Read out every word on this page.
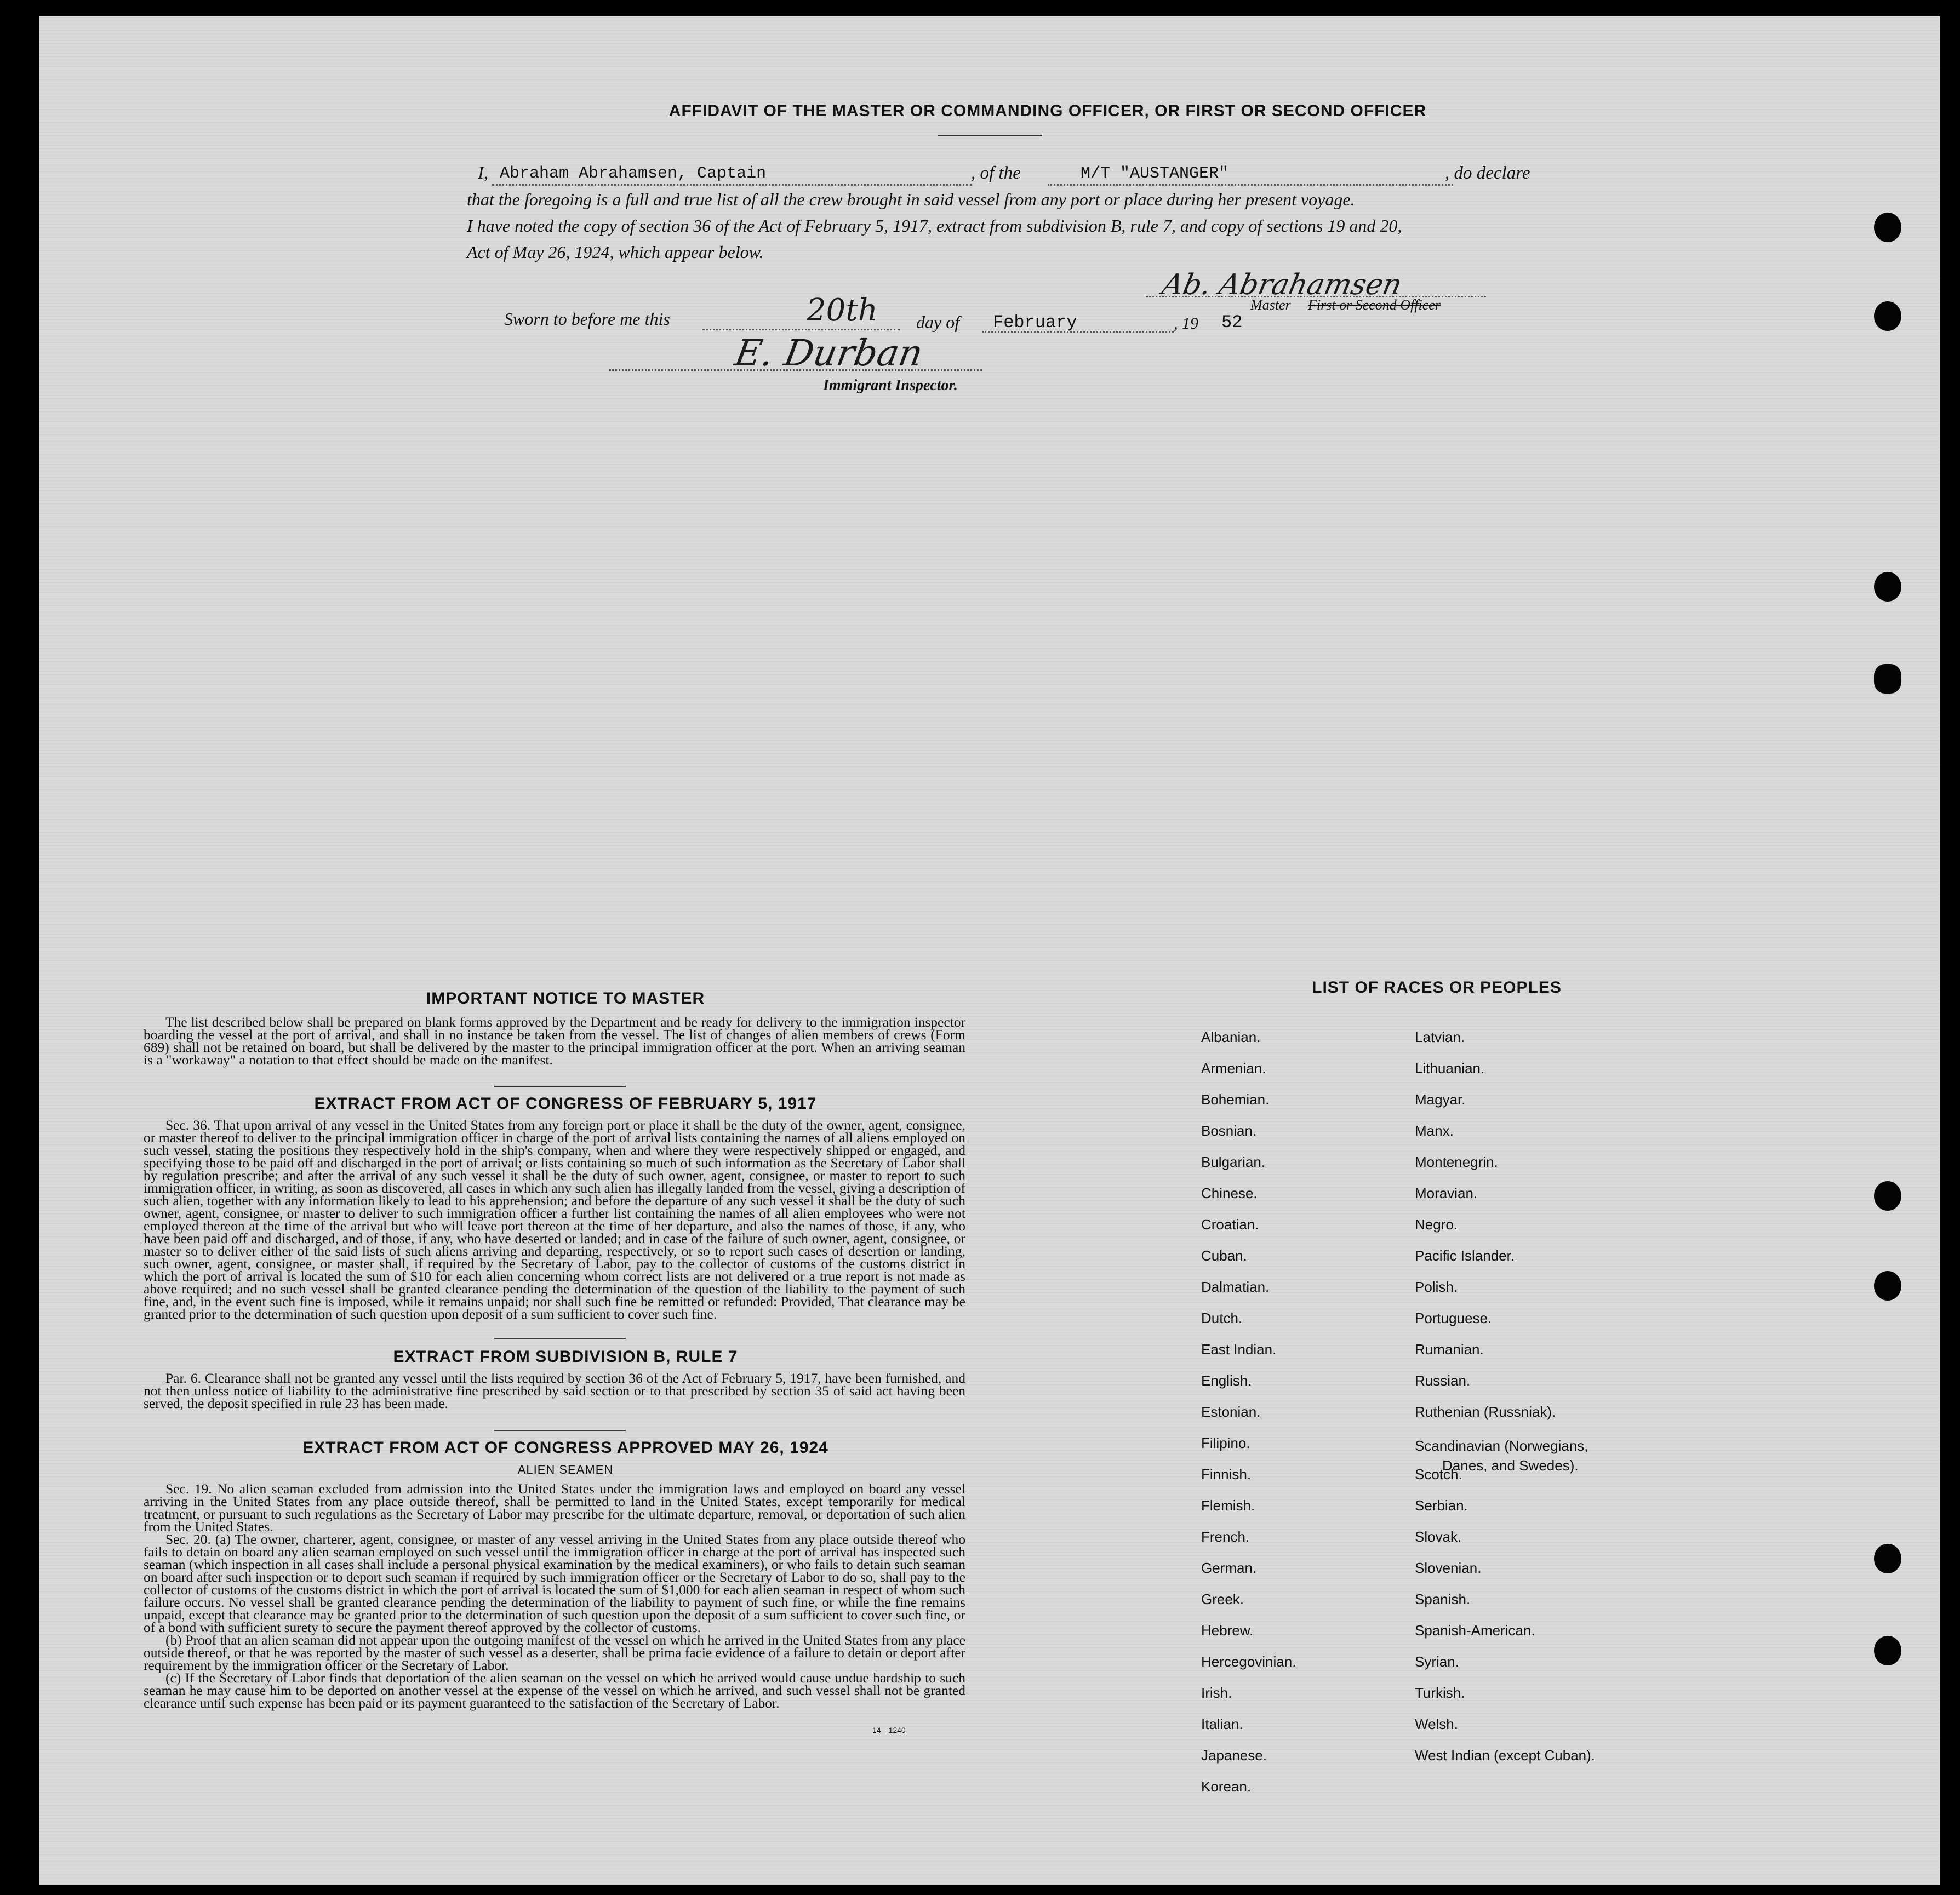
AFFIDAVIT OF THE MASTER OR COMMANDING OFFICER, OR FIRST OR SECOND OFFICER
I, Abraham Abrahamsen, Captain	, of the	M/T "AUSTANGER"	, do declare
that the foregoing is a full and true list of all the crew brought in said vessel from any port or place during her present voyage.
I have noted the copy of section 36 of the Act of February 5, 1917, extract from subdivision B, rule 7, and copy of sections 19 and 20,
Act of May 26, 1924, which appear below.
Ab. Abrahamsen
Master First or Second Officer
Sworn to before me this	20th day of February	, 19 52
E. Durban
Immigrant Inspector.
IMPORTANT NOTICE TO MASTER

The list described below shall be prepared on blank forms approved by the Department and be ready for delivery to the immigration inspector boarding the vessel at the port of arrival, and shall in no instance be taken from the vessel. The list of changes of alien members of crews (Form 689) shall not be retained on board, but shall be delivered by the master to the principal immigration officer at the port. When an arriving seaman is a "workaway" a notation to that effect should be made on the manifest.

EXTRACT FROM ACT OF CONGRESS OF FEBRUARY 5, 1917

Sec. 36. That upon arrival of any vessel in the United States from any foreign port or place it shall be the duty of the owner, agent, consignee, or master thereof to deliver to the principal immigration officer in charge of the port of arrival lists containing the names of all aliens employed on such vessel, stating the positions they respectively hold in the ship's company, when and where they were respectively shipped or engaged, and specifying those to be paid off and discharged in the port of arrival; or lists containing so much of such information as the Secretary of Labor shall by regulation prescribe; and after the arrival of any such vessel it shall be the duty of such owner, agent, consignee, or master to report to such immigration officer, in writing, as soon as discovered, all cases in which any such alien has illegally landed from the vessel, giving a description of such alien, together with any information likely to lead to his apprehension; and before the departure of any such vessel it shall be the duty of such owner, agent, consignee, or master to deliver to such immigration officer a further list containing the names of all alien employees who were not employed thereon at the time of the arrival but who will leave port thereon at the time of her departure, and also the names of those, if any, who have been paid off and discharged, and of those, if any, who have deserted or landed; and in case of the failure of such owner, agent, consignee, or master so to deliver either of the said lists of such aliens arriving and departing, respectively, or so to report such cases of desertion or landing, such owner, agent, consignee, or master shall, if required by the Secretary of Labor, pay to the collector of customs of the customs district in which the port of arrival is located the sum of $10 for each alien concerning whom correct lists are not delivered or a true report is not made as above required; and no such vessel shall be granted clearance pending the determination of the question of the liability to the payment of such fine, and, in the event such fine is imposed, while it remains unpaid; nor shall such fine be remitted or refunded: Provided, That clearance may be granted prior to the determination of such question upon deposit of a sum sufficient to cover such fine.

EXTRACT FROM SUBDIVISION B, RULE 7

Par. 6. Clearance shall not be granted any vessel until the lists required by section 36 of the Act of February 5, 1917, have been furnished, and not then unless notice of liability to the administrative fine prescribed by said section or to that prescribed by section 35 of said act having been served, the deposit specified in rule 23 has been made.

EXTRACT FROM ACT OF CONGRESS APPROVED MAY 26, 1924
ALIEN SEAMEN

Sec. 19. No alien seaman excluded from admission into the United States under the immigration laws and employed on board any vessel arriving in the United States from any place outside thereof, shall be permitted to land in the United States, except temporarily for medical treatment, or pursuant to such regulations as the Secretary of Labor may prescribe for the ultimate departure, removal, or deportation of such alien from the United States.

Sec. 20. (a) The owner, charterer, agent, consignee, or master of any vessel arriving in the United States from any place outside thereof who fails to detain on board any alien seaman employed on such vessel until the immigration officer in charge at the port of arrival has inspected such seaman (which inspection in all cases shall include a personal physical examination by the medical examiners), or who fails to detain such seaman on board after such inspection or to deport such seaman if required by such immigration officer or the Secretary of Labor to do so, shall pay to the collector of customs of the customs district in which the port of arrival is located the sum of $1,000 for each alien seaman in respect of whom such failure occurs. No vessel shall be granted clearance pending the determination of the liability to payment of such fine, or while the fine remains unpaid, except that clearance may be granted prior to the determination of such question upon the deposit of a sum sufficient to cover such fine, or of a bond with sufficient surety to secure the payment thereof approved by the collector of customs.

(b) Proof that an alien seaman did not appear upon the outgoing manifest of the vessel on which he arrived in the United States from any place outside thereof, or that he was reported by the master of such vessel as a deserter, shall be prima facie evidence of a failure to detain or deport after requirement by the immigration officer or the Secretary of Labor.

(c) If the Secretary of Labor finds that deportation of the alien seaman on the vessel on which he arrived would cause undue hardship to such seaman he may cause him to be deported on another vessel at the expense of the vessel on which he arrived, and such vessel shall not be granted clearance until such expense has been paid or its payment guaranteed to the satisfaction of the Secretary of Labor.

14—1240
LIST OF RACES OR PEOPLES
Albanian.
Armenian.
Bohemian.
Bosnian.
Bulgarian.
Chinese.
Croatian.
Cuban.
Dalmatian.
Dutch.
East Indian.
English.
Estonian.
Filipino.
Finnish.
Flemish.
French.
German.
Greek.
Hebrew.
Hercegovinian.
Irish.
Italian.
Japanese.
Korean.
Latvian.
Lithuanian.
Magyar.
Manx.
Montenegrin.
Moravian.
Negro.
Pacific Islander.
Polish.
Portuguese.
Rumanian.
Russian.
Ruthenian (Russniak).
Scotch.
Serbian.
Slovak.
Slovenian.
Spanish.
Spanish-American.
Syrian.
Turkish.
Welsh.
West Indian (except Cuban).
Scandinavian (Norwegians,
Danes, and Swedes).
